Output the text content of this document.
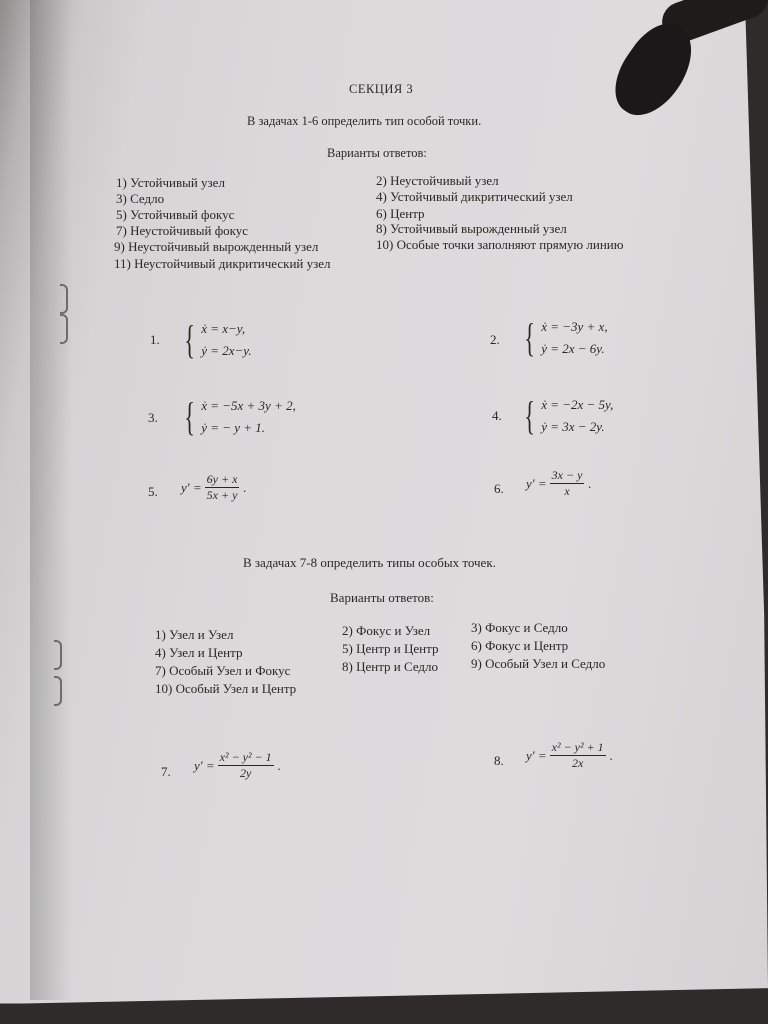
СЕКЦИЯ 3
В задачах 1-6 определить тип особой точки.
Варианты ответов:
1) Устойчивый узел
3) Седло
5) Устойчивый фокус
7) Неустойчивый фокус
9) Неустойчивый вырожденный узел
11) Неустойчивый дикритический узел
2) Неустойчивый узел
4) Устойчивый дикритический узел
6) Центр
8) Устойчивый вырожденный узел
10) Особые точки заполняют прямую линию
1. { ẋ = x−y,
ẏ = 2x−y.
2. { ẋ = −3y + x,
ẏ = 2x − 6y.
3. { ẋ = −5x + 3y + 2,
ẏ = − y + 1.
4. { ẋ = −2x − 5y,
ẏ = 3x − 2y.
5. $y' = \frac{6y + x}{5x + y}$ .	6. $y' = \frac{3x - y}{x}$ .
В задачах 7-8 определить типы особых точек.
Варианты ответов:
1) Узел и Узел
4) Узел и Центр
7) Особый Узел и Фокус
10) Особый Узел и Центр
2) Фокус и Узел
5) Центр и Центр
8) Центр и Седло
3) Фокус и Седло
6) Фокус и Центр
9) Особый Узел и Седло
7. $y' = \frac{\text{x² − y² − 1}}{2y}$ .	8. $y' = \frac{\text{x² − y² + 1}}{2x}$ .
